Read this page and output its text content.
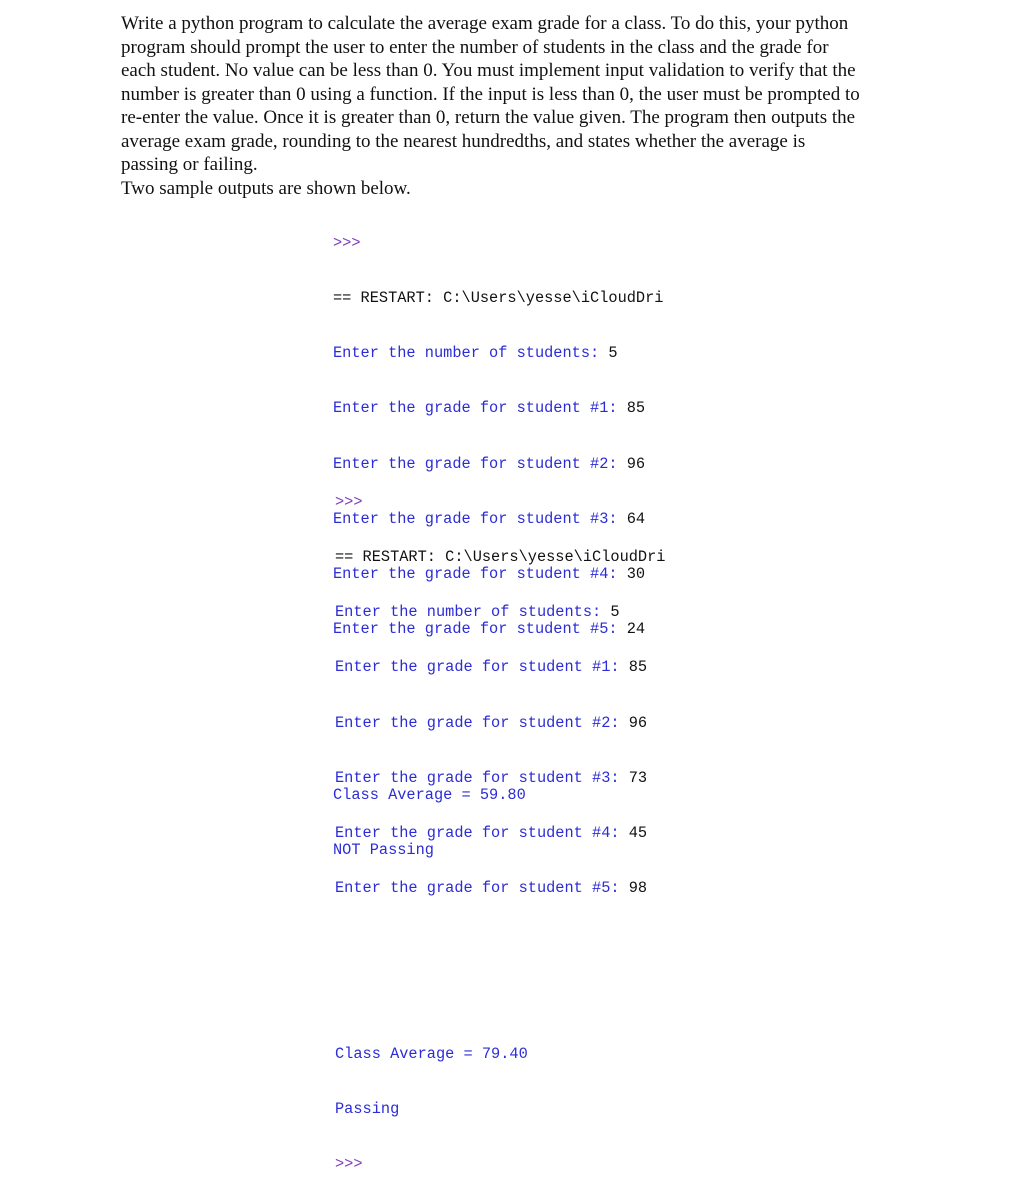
Write a python program to calculate the average exam grade for a class. To do this, your python
program should prompt the user to enter the number of students in the class and the grade for
each student. No value can be less than 0. You must implement input validation to verify that the
number is greater than 0 using a function. If the input is less than 0, the user must be prompted to
re-enter the value. Once it is greater than 0, return the value given. The program then outputs the
average exam grade, rounding to the nearest hundredths, and states whether the average is
passing or failing.
Two sample outputs are shown below.

>>>

== RESTART: C:\Users\yesse\iCloudDri

Enter the number of students: 5

Enter the grade for student #1: 85

Enter the grade for student #2: 96

Enter the grade for student #3: 64

Enter the grade for student #4: 30

Enter the grade for student #5: 24

Class Average = 59.80

NOT Passing

>>>

== RESTART: C:\Users\yesse\iCloudDri

Enter the number of students: 5

Enter the grade for student #1: 85

Enter the grade for student #2: 96

Enter the grade for student #3: 73

Enter the grade for student #4: 45

Enter the grade for student #5: 98

Class Average = 79.40

Passing

>>>
